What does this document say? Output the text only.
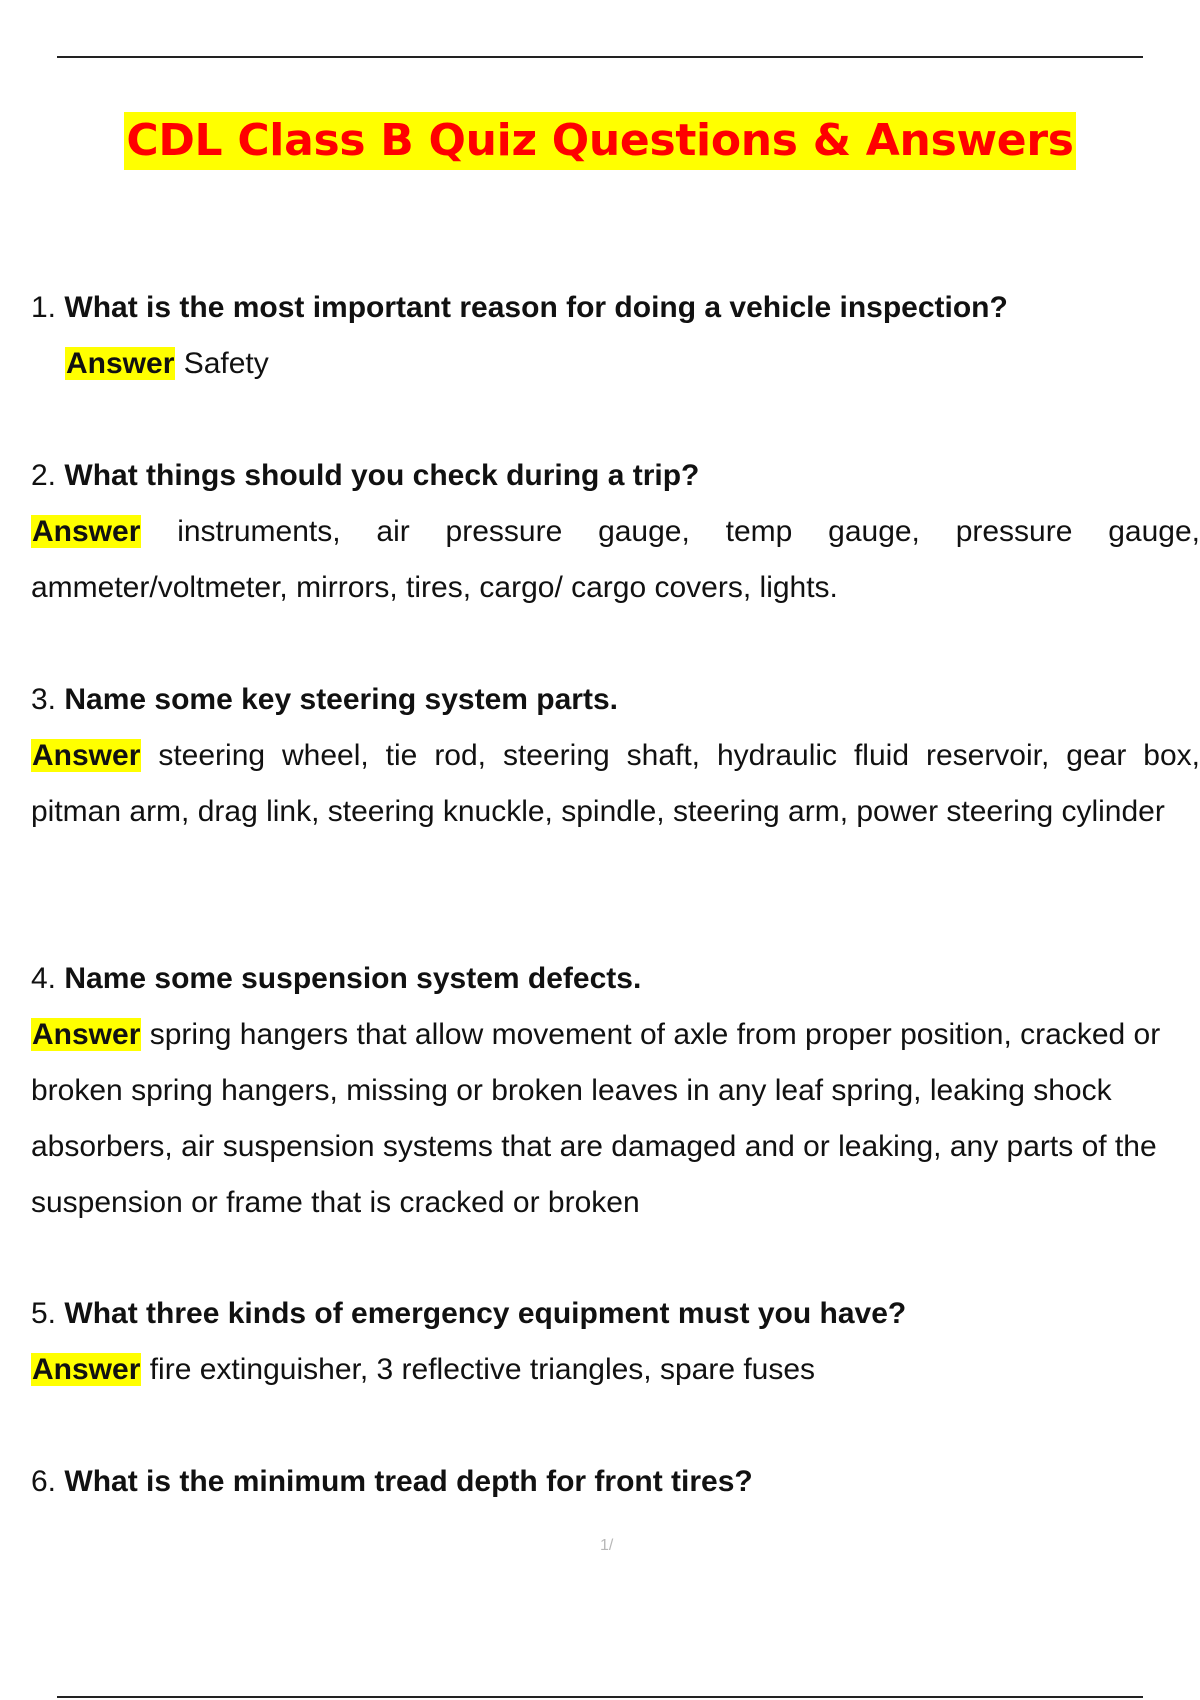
CDL Class B Quiz Questions & Answers
1. What is the most important reason for doing a vehicle inspection?
Answer Safety
2. What things should you check during a trip?
Answer instruments, air pressure gauge, temp gauge, pressure gauge, ammeter/voltmeter, mirrors, tires, cargo/ cargo covers, lights.
3. Name some key steering system parts.
Answer steering wheel, tie rod, steering shaft, hydraulic fluid reservoir, gear box, pitman arm, drag link, steering knuckle, spindle, steering arm, power steering cylinder
4. Name some suspension system defects.
Answer spring hangers that allow movement of axle from proper position, cracked or broken spring hangers, missing or broken leaves in any leaf spring, leaking shock absorbers, air suspension systems that are damaged and or leaking, any parts of the suspension or frame that is cracked or broken
5. What three kinds of emergency equipment must you have?
Answer fire extinguisher, 3 reflective triangles, spare fuses
6. What is the minimum tread depth for front tires?
1/
